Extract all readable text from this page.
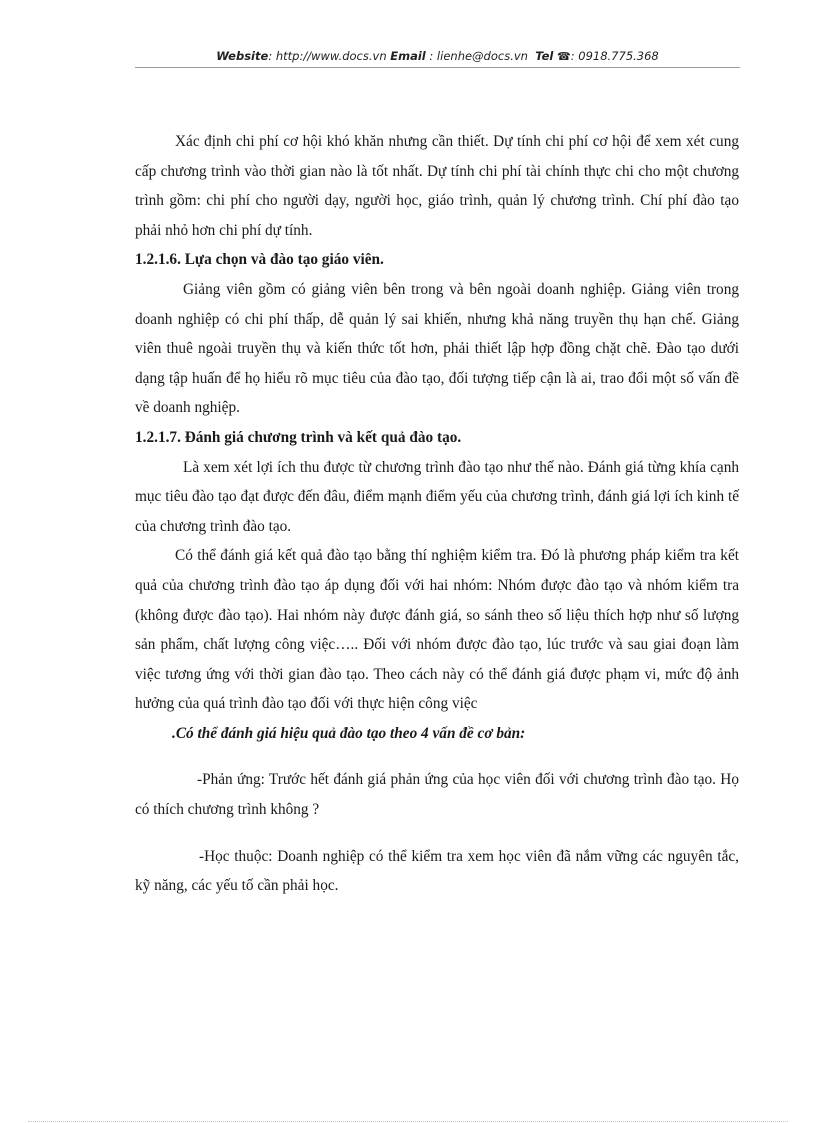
Website: http://www.docs.vn Email : lienhe@docs.vn Tel ☎: 0918.775.368

Xác định chi phí cơ hội khó khăn nhưng cần thiết. Dự tính chi phí cơ hội để xem xét cung cấp chương trình vào thời gian nào là tốt nhất. Dự tính chi phí tài chính thực chi cho một chương trình gồm: chi phí cho người dạy, người học, giáo trình, quản lý chương trình. Chí phí đào tạo phải nhỏ hơn chi phí dự tính.

1.2.1.6. Lựa chọn và đào tạo giáo viên.

Giảng viên gồm có giảng viên bên trong và bên ngoài doanh nghiệp. Giảng viên trong doanh nghiệp có chi phí thấp, dễ quản lý sai khiến, nhưng khả năng truyền thụ hạn chế. Giảng viên thuê ngoài truyền thụ và kiến thức tốt hơn, phải thiết lập hợp đồng chặt chẽ. Đào tạo dưới dạng tập huấn để họ hiểu rõ mục tiêu của đào tạo, đối tượng tiếp cận là ai, trao đổi một số vấn đề về doanh nghiệp.

1.2.1.7. Đánh giá chương trình và kết quả đào tạo.

Là xem xét lợi ích thu được từ chương trình đào tạo như thế nào. Đánh giá từng khía cạnh mục tiêu đào tạo đạt được đến đâu, điểm mạnh điểm yếu của chương trình, đánh giá lợi ích kinh tế của chương trình đào tạo.

Có thể đánh giá kết quả đào tạo bằng thí nghiệm kiểm tra. Đó là phương pháp kiểm tra kết quả của chương trình đào tạo áp dụng đối với hai nhóm: Nhóm được đào tạo và nhóm kiểm tra (không được đào tạo). Hai nhóm này được đánh giá, so sánh theo số liệu thích hợp như số lượng sản phẩm, chất lượng công việc….. Đối với nhóm được đào tạo, lúc trước và sau giai đoạn làm việc tương ứng với thời gian đào tạo. Theo cách này có thể đánh giá được phạm vi, mức độ ảnh hưởng của quá trình đào tạo đối với thực hiện công việc

.Có thể đánh giá hiệu quả đào tạo theo 4 vấn đề cơ bản:

-Phản ứng: Trước hết đánh giá phản ứng của học viên đối với chương trình đào tạo. Họ có thích chương trình không ?

-Học thuộc: Doanh nghiệp có thể kiểm tra xem học viên đã nắm vững các nguyên tắc, kỹ năng, các yếu tố cần phải học.
